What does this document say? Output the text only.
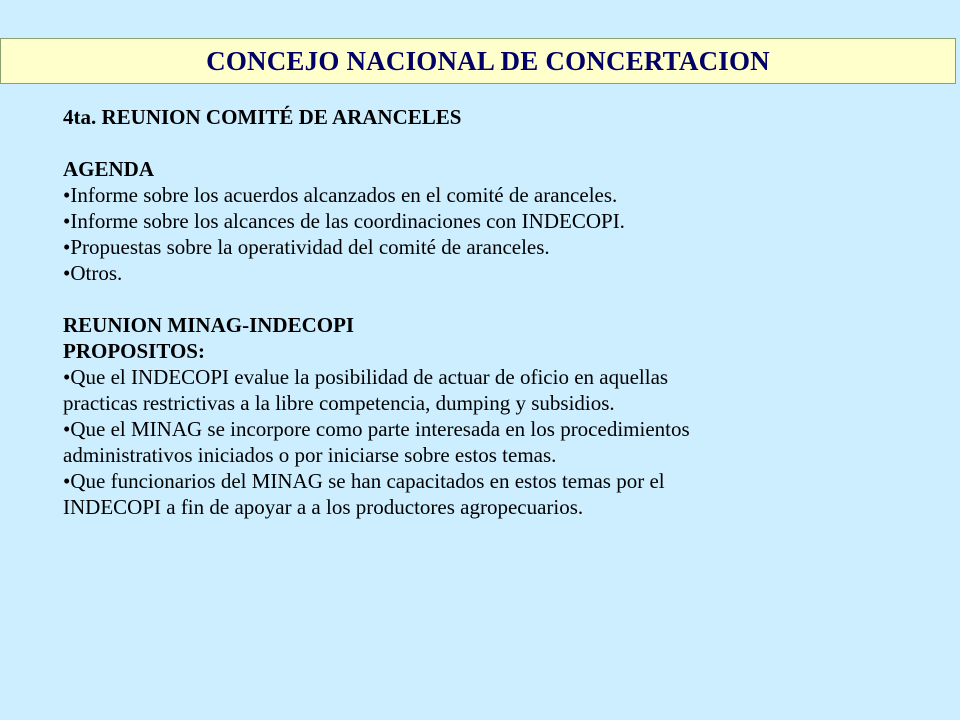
CONCEJO NACIONAL DE CONCERTACION

4ta. REUNION COMITÉ DE ARANCELES

AGENDA

•Informe sobre los acuerdos alcanzados en el comité de aranceles.

•Informe sobre los alcances de las coordinaciones con INDECOPI.

•Propuestas sobre la operatividad del comité de aranceles.

•Otros.

REUNION MINAG-INDECOPI

PROPOSITOS:

•Que el INDECOPI evalue la posibilidad de actuar de oficio en aquellas

practicas restrictivas a la libre competencia, dumping y subsidios.

•Que el MINAG se incorpore como parte interesada en los procedimientos

administrativos iniciados o por iniciarse sobre estos temas.

•Que funcionarios del MINAG se han capacitados en estos temas por el

INDECOPI a fin de apoyar a a los productores agropecuarios.
